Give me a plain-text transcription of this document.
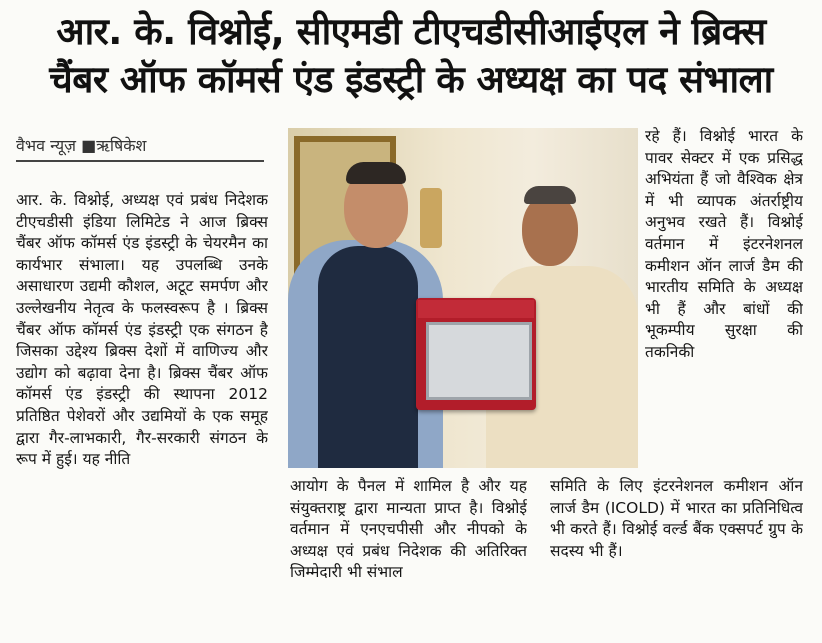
आर. के. विश्नोई, सीएमडी टीएचडीसीआईएल ने ब्रिक्स
चैंबर ऑफ कॉमर्स एंड इंडस्ट्री के अध्यक्ष का पद संभाला
वैभव न्यूज़ ■ऋषिकेश

आर. के. विश्नोई, अध्यक्ष एवं प्रबंध निदेशक टीएचडीसी इंडिया लिमिटेड ने आज ब्रिक्स चैंबर ऑफ कॉमर्स एंड इंडस्ट्री के चेयरमैन का कार्यभार संभाला। यह उपलब्धि उनके असाधारण उद्यमी कौशल, अटूट समर्पण और उल्लेखनीय नेतृत्व के फलस्वरूप है । ब्रिक्स चैंबर ऑफ कॉमर्स एंड इंडस्ट्री एक संगठन है जिसका उद्देश्य ब्रिक्स देशों में वाणिज्य और उद्योग को बढ़ावा देना है। ब्रिक्स चैंबर ऑफ कॉमर्स एंड इंडस्ट्री की स्थापना 2012 प्रतिष्ठित पेशेवरों और उद्यमियों के एक समूह द्वारा गैर-लाभकारी, गैर-सरकारी संगठन के रूप में हुई। यह नीति

रहे हैं। विश्नोई भारत के पावर सेक्टर में एक प्रसिद्ध अभियंता हैं जो वैश्विक क्षेत्र में भी व्यापक अंतर्राष्ट्रीय अनुभव रखते हैं। विश्नोई वर्तमान में इंटरनेशनल कमीशन ऑन लार्ज डैम की भारतीय समिति के अध्यक्ष भी हैं और बांधों की भूकम्पीय सुरक्षा की तकनिकी

आयोग के पैनल में शामिल है और यह संयुक्तराष्ट्र द्वारा मान्यता प्राप्त है। विश्नोई वर्तमान में एनएचपीसी और नीपको के अध्यक्ष एवं प्रबंध निदेशक की अतिरिक्त जिम्मेदारी भी संभाल

समिति के लिए इंटरनेशनल कमीशन ऑन लार्ज डैम (ICOLD) में भारत का प्रतिनिधित्व भी करते हैं। विश्नोई वर्ल्ड बैंक एक्सपर्ट ग्रुप के सदस्य भी हैं।
